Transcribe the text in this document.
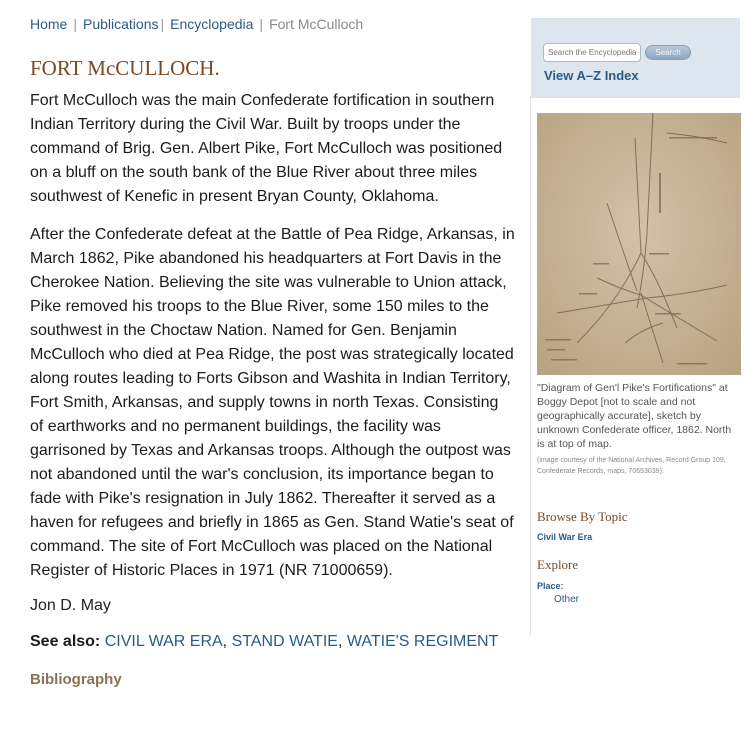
Home | Publications | Encyclopedia | Fort McCulloch
FORT McCULLOCH.

Fort McCulloch was the main Confederate fortification in southern Indian Territory during the Civil War. Built by troops under the command of Brig. Gen. Albert Pike, Fort McCulloch was positioned on a bluff on the south bank of the Blue River about three miles southwest of Kenefic in present Bryan County, Oklahoma.

After the Confederate defeat at the Battle of Pea Ridge, Arkansas, in March 1862, Pike abandoned his headquarters at Fort Davis in the Cherokee Nation. Believing the site was vulnerable to Union attack, Pike removed his troops to the Blue River, some 150 miles to the southwest in the Choctaw Nation. Named for Gen. Benjamin McCulloch who died at Pea Ridge, the post was strategically located along routes leading to Forts Gibson and Washita in Indian Territory, Fort Smith, Arkansas, and supply towns in north Texas. Consisting of earthworks and no permanent buildings, the facility was garrisoned by Texas and Arkansas troops. Although the outpost was not abandoned until the war's conclusion, its importance began to fade with Pike's resignation in July 1862. Thereafter it served as a haven for refugees and briefly in 1865 as Gen. Stand Watie's seat of command. The site of Fort McCulloch was placed on the National Register of Historic Places in 1971 (NR 71000659).

Jon D. May
See also: CIVIL WAR ERA, STAND WATIE, WATIE'S REGIMENT
Bibliography
Search the Encyclopedia
Search
View A–Z Index
"Diagram of Gen'l Pike's Fortifications" at Boggy Depot [not to scale and not geographically accurate], sketch by unknown Confederate officer, 1862. North is at top of map.
(image courtesy of the National Archives, Record Group 109, Confederate Records, maps, 70653039).
Browse By Topic
Civil War Era
Explore
Place:
Other
